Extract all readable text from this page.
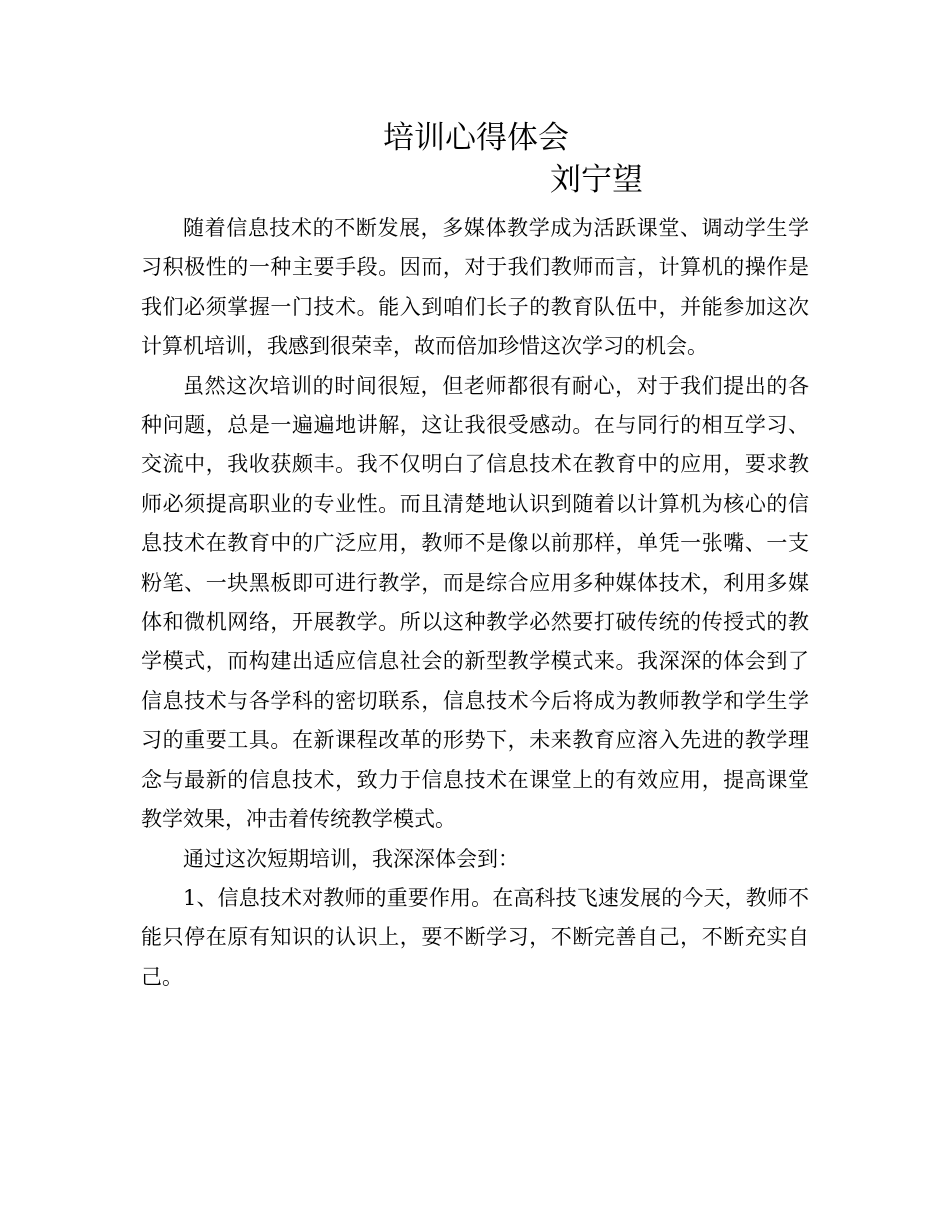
培训心得体会
刘宁望

随着信息技术的不断发展，多媒体教学成为活跃课堂、调动学生学习积极性的一种主要手段。因而，对于我们教师而言，计算机的操作是我们必须掌握一门技术。能入到咱们长子的教育队伍中，并能参加这次计算机培训，我感到很荣幸，故而倍加珍惜这次学习的机会。

虽然这次培训的时间很短，但老师都很有耐心，对于我们提出的各种问题，总是一遍遍地讲解，这让我很受感动。在与同行的相互学习、交流中，我收获颇丰。我不仅明白了信息技术在教育中的应用，要求教师必须提高职业的专业性。而且清楚地认识到随着以计算机为核心的信息技术在教育中的广泛应用，教师不是像以前那样，单凭一张嘴、一支粉笔、一块黑板即可进行教学，而是综合应用多种媒体技术，利用多媒体和微机网络，开展教学。所以这种教学必然要打破传统的传授式的教学模式，而构建出适应信息社会的新型教学模式来。我深深的体会到了信息技术与各学科的密切联系，信息技术今后将成为教师教学和学生学习的重要工具。在新课程改革的形势下，未来教育应溶入先进的教学理念与最新的信息技术，致力于信息技术在课堂上的有效应用，提高课堂教学效果，冲击着传统教学模式。

通过这次短期培训，我深深体会到：

1、信息技术对教师的重要作用。在高科技飞速发展的今天，教师不能只停在原有知识的认识上，要不断学习，不断完善自己，不断充实自己。
